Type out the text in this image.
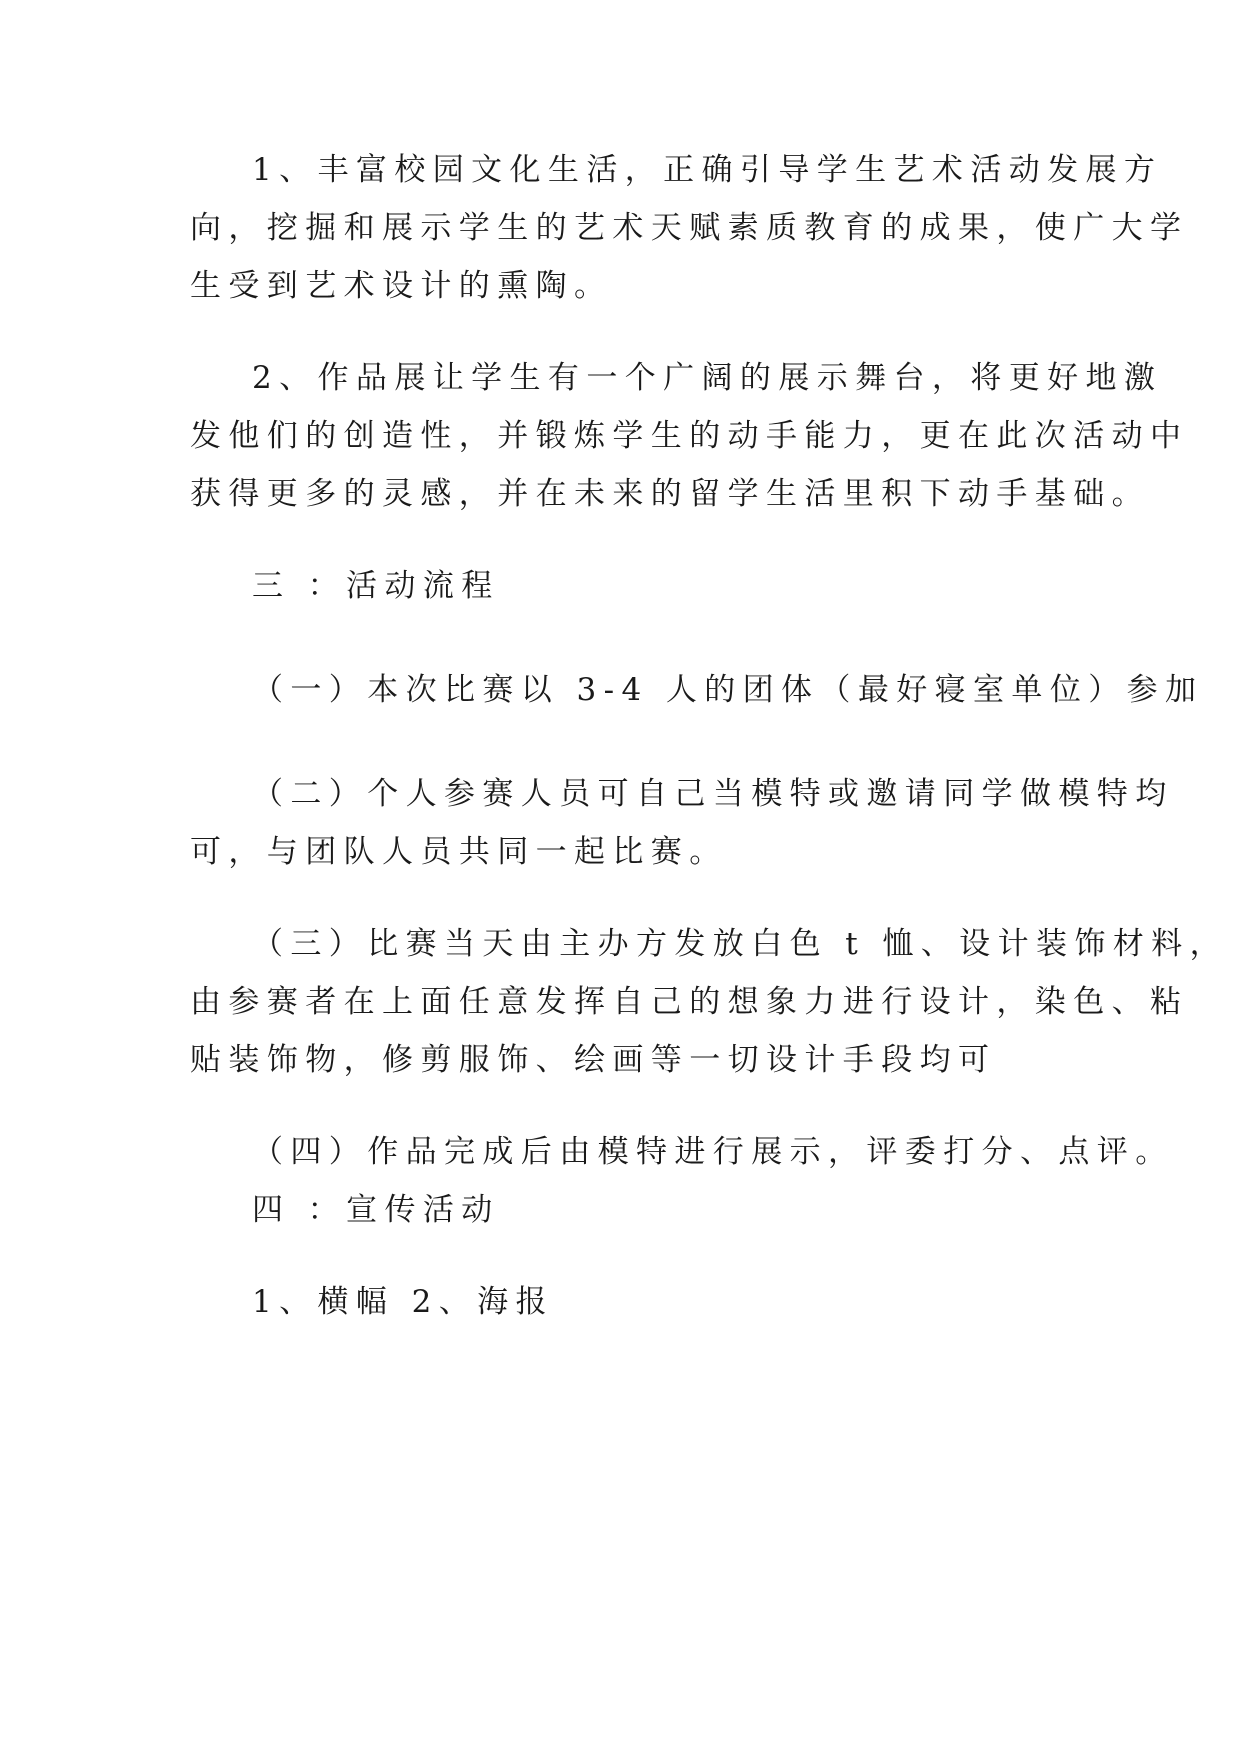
1、丰富校园文化生活，正确引导学生艺术活动发展方
向，挖掘和展示学生的艺术天赋素质教育的成果，使广大学
生受到艺术设计的熏陶。
2、作品展让学生有一个广阔的展示舞台，将更好地激
发他们的创造性，并锻炼学生的动手能力，更在此次活动中
获得更多的灵感，并在未来的留学生活里积下动手基础。
三 ：活动流程
（一）本次比赛以 3-4 人的团体（最好寝室单位）参加
（二）个人参赛人员可自己当模特或邀请同学做模特均
可，与团队人员共同一起比赛。
（三）比赛当天由主办方发放白色 t 恤、设计装饰材料，
由参赛者在上面任意发挥自己的想象力进行设计，染色、粘
贴装饰物，修剪服饰、绘画等一切设计手段均可
（四）作品完成后由模特进行展示，评委打分、点评。
四 ：宣传活动
1、横幅 2、海报
